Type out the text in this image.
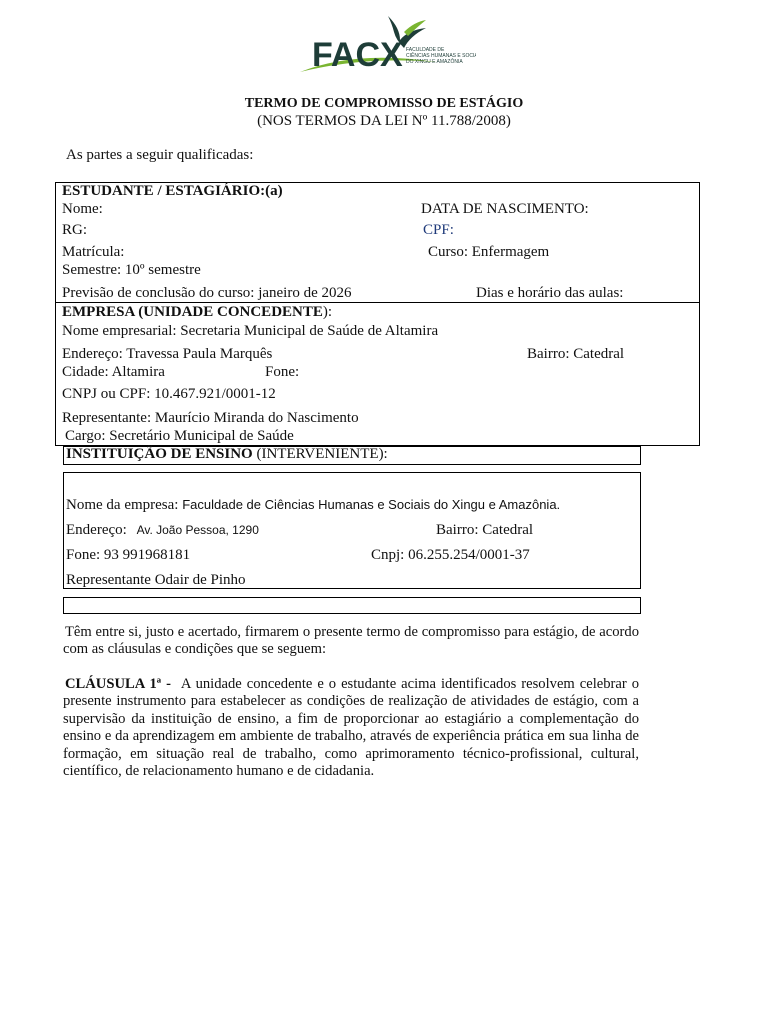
FACX FACULDADE DE
CIÊNCIAS HUMANAS E SOCIAIS
DO XINGU E AMAZÔNIA
TERMO DE COMPROMISSO DE ESTÁGIO
(NOS TERMOS DA LEI Nº 11.788/2008)
As partes a seguir qualificadas:
ESTUDANTE / ESTAGIÁRIO:(a)
Nome:	DATA DE NASCIMENTO:
RG:	CPF:
Matrícula:	Curso: Enfermagem
Semestre: 10º semestre
Previsão de conclusão do curso: janeiro de 2026	Dias e horário das aulas:
EMPRESA (UNIDADE CONCEDENTE):
Nome empresarial: Secretaria Municipal de Saúde de Altamira
Endereço: Travessa Paula Marquês	Bairro: Catedral
Cidade: Altamira	Fone:
CNPJ ou CPF: 10.467.921/0001-12
Representante: Maurício Miranda do Nascimento
Cargo: Secretário Municipal de Saúde
INSTITUIÇÃO DE ENSINO (INTERVENIENTE):
Nome da empresa: Faculdade de Ciências Humanas e Sociais do Xingu e Amazônia.
Endereço: Av. João Pessoa, 1290	Bairro: Catedral
Fone: 93 991968181	Cnpj: 06.255.254/0001-37
Representante Odair de Pinho
Têm entre si, justo e acertado, firmarem o presente termo de compromisso para estágio, de acordo com as cláusulas e condições que se seguem:
CLÁUSULA 1ª - A unidade concedente e o estudante acima identificados resolvem celebrar o presente instrumento para estabelecer as condições de realização de atividades de estágio, com a supervisão da instituição de ensino, a fim de proporcionar ao estagiário a complementação do ensino e da aprendizagem em ambiente de trabalho, através de experiência prática em sua linha de formação, em situação real de trabalho, como aprimoramento técnico-profissional, cultural, científico, de relacionamento humano e de cidadania.
